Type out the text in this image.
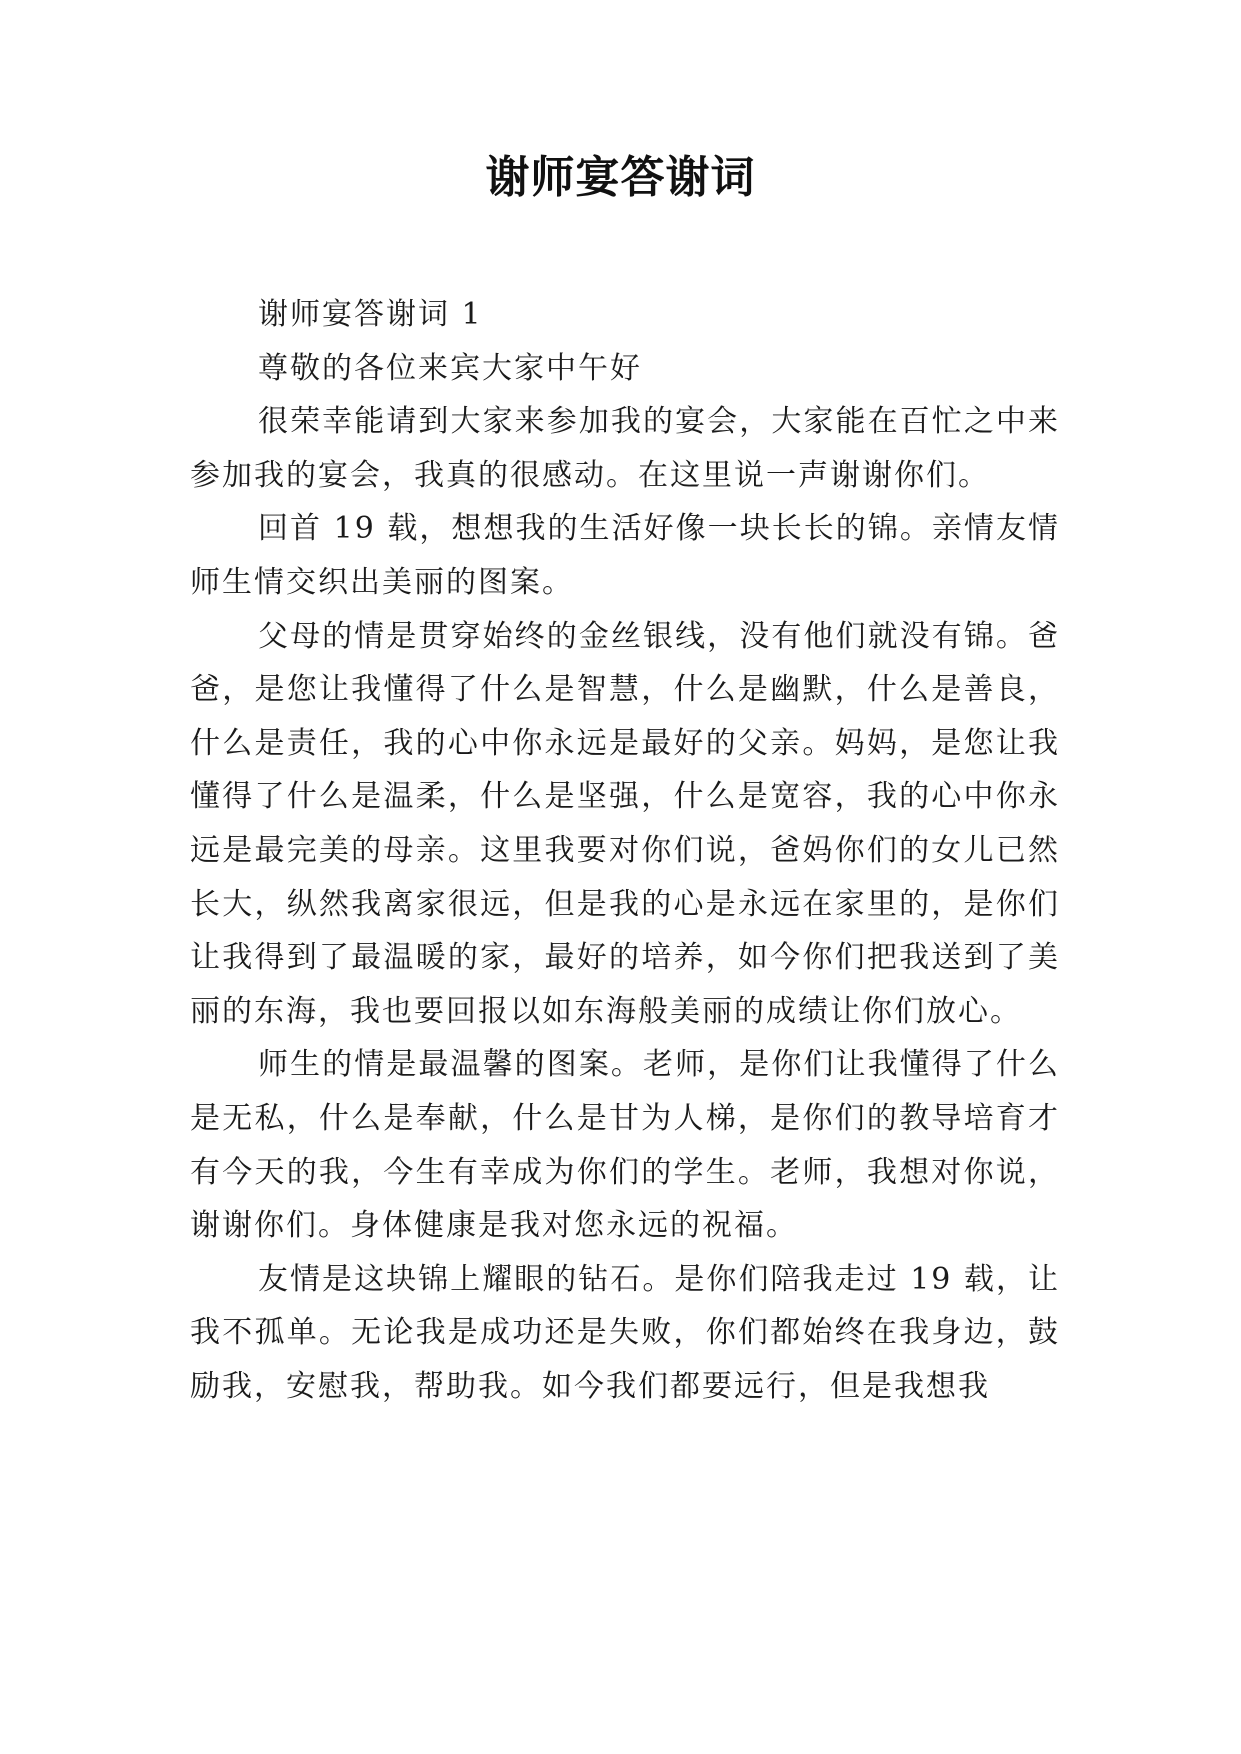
谢师宴答谢词

谢师宴答谢词 1

尊敬的各位来宾大家中午好

很荣幸能请到大家来参加我的宴会，大家能在百忙之中来参加我的宴会，我真的很感动。在这里说一声谢谢你们。

回首 19 载，想想我的生活好像一块长长的锦。亲情友情师生情交织出美丽的图案。

父母的情是贯穿始终的金丝银线，没有他们就没有锦。爸爸，是您让我懂得了什么是智慧，什么是幽默，什么是善良，什么是责任，我的心中你永远是最好的父亲。妈妈，是您让我懂得了什么是温柔，什么是坚强，什么是宽容，我的心中你永远是最完美的母亲。这里我要对你们说，爸妈你们的女儿已然长大，纵然我离家很远，但是我的心是永远在家里的，是你们让我得到了最温暖的家，最好的培养，如今你们把我送到了美丽的东海，我也要回报以如东海般美丽的成绩让你们放心。

师生的情是最温馨的图案。老师，是你们让我懂得了什么是无私，什么是奉献，什么是甘为人梯，是你们的教导培育才有今天的我，今生有幸成为你们的学生。老师，我想对你说，谢谢你们。身体健康是我对您永远的祝福。

友情是这块锦上耀眼的钻石。是你们陪我走过 19 载，让我不孤单。无论我是成功还是失败，你们都始终在我身边，鼓励我，安慰我，帮助我。如今我们都要远行，但是我想我
